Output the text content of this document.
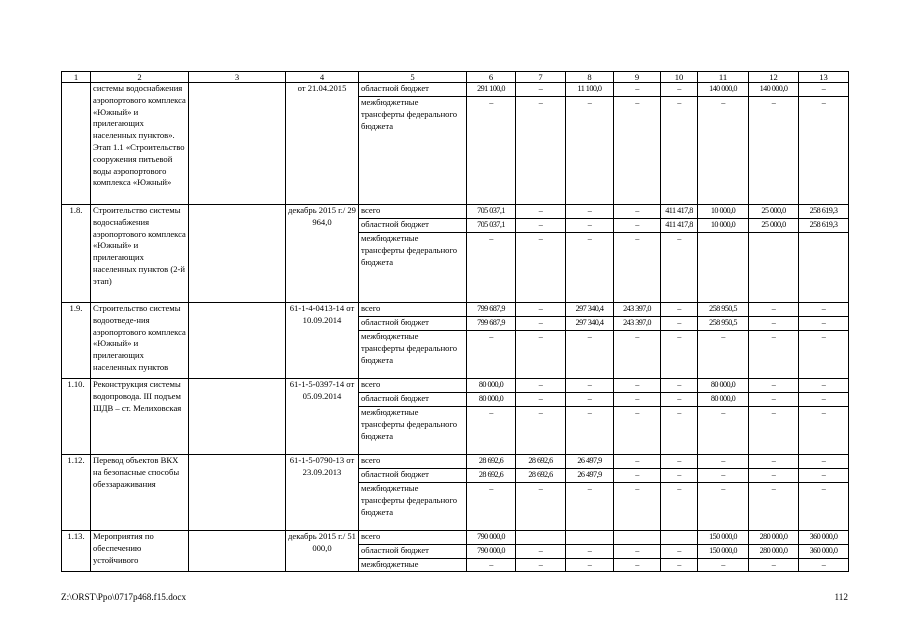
1	2	3	4	5	6	7	8	9	10	11	12	13
	системы водоснабжения аэропортового комплекса «Южный» и прилегающих населенных пунктов». Этап 1.1 «Строительство сооружения питьевой воды аэропортового комплекса «Южный»		от 21.04.2015	областной бюджет	291 100,0	–	11 100,0	–	–	140 000,0	140 000,0	–
				межбюджетные трансферты федерального бюджета	–	–	–	–	–	–	–	–
1.8.	Строительство системы водоснабжения аэропортового комплекса «Южный» и прилегающих населенных пунктов (2-й этап)		декабрь 2015 г./ 29 964,0	всего	705 037,1	–	–	–	411 417,8	10 000,0	25 000,0	258 619,3
				областной бюджет	705 037,1	–	–	–	411 417,8	10 000,0	25 000,0	258 619,3
				межбюджетные трансферты федерального бюджета	–	–	–	–	–			
1.9.	Строительство системы водоотведе-ния аэропортового комплекса «Южный» и прилегающих населенных пунктов		61-1-4-0413-14 от 10.09.2014	всего	799 687,9	–	297 340,4	243 397,0	–	258 950,5	–	–
				областной бюджет	799 687,9	–	297 340,4	243 397,0	–	258 950,5	–	–
				межбюджетные трансферты федерального бюджета	–	–	–	–	–	–	–	–
1.10.	Реконструкция системы водопровода. III подъем ШДВ – ст. Мелиховская		61-1-5-0397-14 от 05.09.2014	всего	80 000,0	–	–	–	–	80 000,0	–	–
				областной бюджет	80 000,0	–	–	–	–	80 000,0	–	–
				межбюджетные трансферты федерального бюджета	–	–	–	–	–	–	–	–
1.12.	Перевод объектов ВКХ на безопасные способы обеззараживания		61-1-5-0790-13 от 23.09.2013	всего	28 692,6	28 692,6	26 497,9	–	–	–	–	–
				областной бюджет	28 692,6	28 692,6	26 497,9	–	–	–	–	–
				межбюджетные трансферты федерального бюджета	–	–	–	–	–	–	–	–
1.13.	Мероприятия по обеспечению устойчивого		декабрь 2015 г./ 51 000,0	всего	790 000,0					150 000,0	280 000,0	360 000,0
				областной бюджет	790 000,0	–	–	–	–	150 000,0	280 000,0	360 000,0
				межбюджетные	–	–	–	–	–	–	–	–
Z:\ORST\Ppo\0717p468.f15.docx	112
